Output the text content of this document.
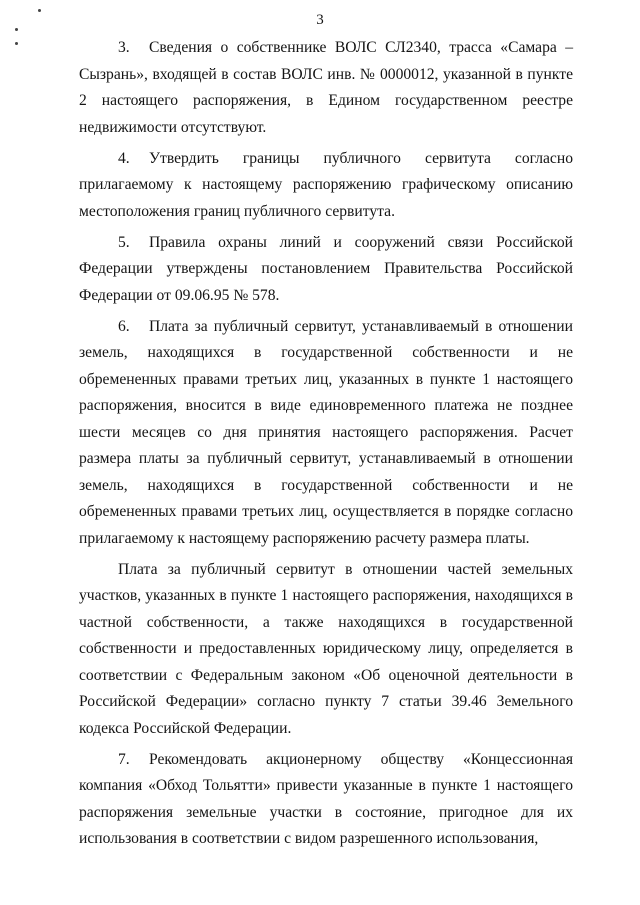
3

3. Сведения о собственнике ВОЛС СЛ2340, трасса «Самара – Сызрань», входящей в состав ВОЛС инв. № 0000012, указанной в пункте 2 настоящего распоряжения, в Едином государственном реестре недвижимости отсутствуют.

4. Утвердить границы публичного сервитута согласно прилагаемому к настоящему распоряжению графическому описанию местоположения границ публичного сервитута.

5. Правила охраны линий и сооружений связи Российской Федерации утверждены постановлением Правительства Российской Федерации от 09.06.95 № 578.

6. Плата за публичный сервитут, устанавливаемый в отношении земель, находящихся в государственной собственности и не обремененных правами третьих лиц, указанных в пункте 1 настоящего распоряжения, вносится в виде единовременного платежа не позднее шести месяцев со дня принятия настоящего распоряжения. Расчет размера платы за публичный сервитут, устанавливаемый в отношении земель, находящихся в государственной собственности и не обремененных правами третьих лиц, осуществляется в порядке согласно прилагаемому к настоящему распоряжению расчету размера платы.

Плата за публичный сервитут в отношении частей земельных участков, указанных в пункте 1 настоящего распоряжения, находящихся в частной собственности, а также находящихся в государственной собственности и предоставленных юридическому лицу, определяется в соответствии с Федеральным законом «Об оценочной деятельности в Российской Федерации» согласно пункту 7 статьи 39.46 Земельного кодекса Российской Федерации.

7. Рекомендовать акционерному обществу «Концессионная компания «Обход Тольятти» привести указанные в пункте 1 настоящего распоряжения земельные участки в состояние, пригодное для их использования в соответствии с видом разрешенного использования,
